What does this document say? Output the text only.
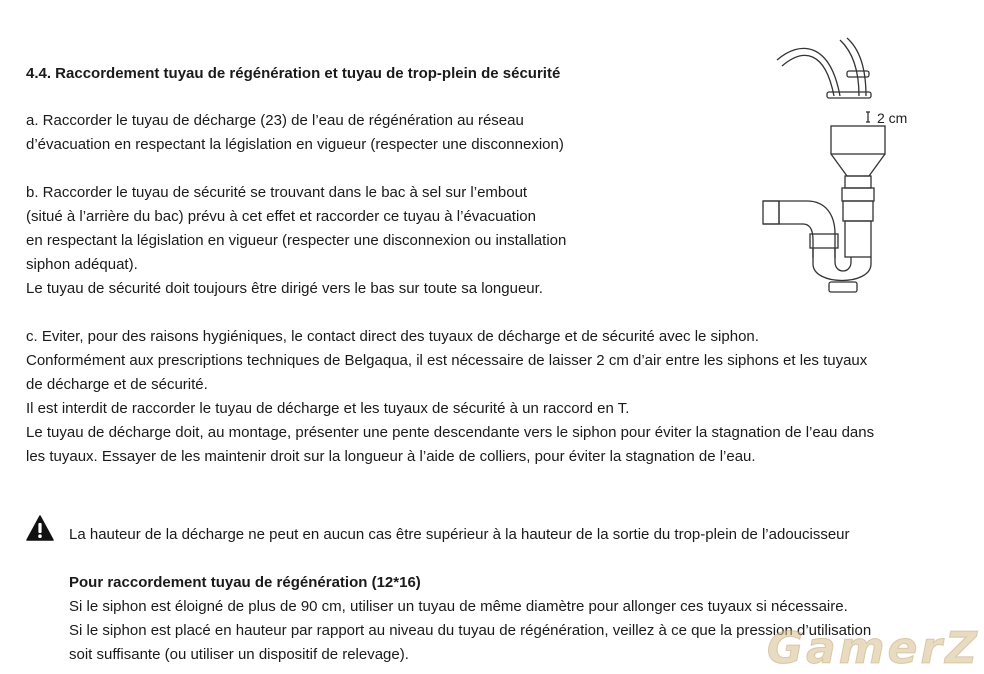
4.4. Raccordement tuyau de régénération et tuyau de trop-plein de sécurité

a. Raccorder le tuyau de décharge (23) de l’eau de régénération au réseau
d’évacuation en respectant la législation en vigueur (respecter une disconnexion)

b. Raccorder le tuyau de sécurité se trouvant dans le bac à sel sur l’embout
(situé à l’arrière du bac) prévu à cet effet et raccorder ce tuyau à l’évacuation
en respectant la législation en vigueur (respecter une disconnexion ou installation
siphon adéquat).
Le tuyau de sécurité doit toujours être dirigé vers le bas sur toute sa longueur.

c. Eviter, pour des raisons hygiéniques, le contact direct des tuyaux de décharge et de sécurité avec le siphon.
Conformément aux prescriptions techniques de Belgaqua, il est nécessaire de laisser 2 cm d’air entre les siphons et les tuyaux
de décharge et de sécurité.
Il est interdit de raccorder le tuyau de décharge et les tuyaux de sécurité à un raccord en T.
Le tuyau de décharge doit, au montage, présenter une pente descendante vers le siphon pour éviter la stagnation de l’eau dans
les tuyaux. Essayer de les maintenir droit sur la longueur à l’aide de colliers, pour éviter la stagnation de l’eau.

2 cm

La hauteur de la décharge ne peut en aucun cas être supérieur à la hauteur de la sortie du trop-plein de l’adoucisseur

Pour raccordement tuyau de régénération (12*16)

Si le siphon est éloigné de plus de 90 cm, utiliser un tuyau de même diamètre pour allonger ces tuyaux si nécessaire.
Si le siphon est placé en hauteur par rapport au niveau du tuyau de régénération, veillez à ce que la pression d’utilisation
soit suffisante (ou utiliser un dispositif de relevage).	GamerZ
